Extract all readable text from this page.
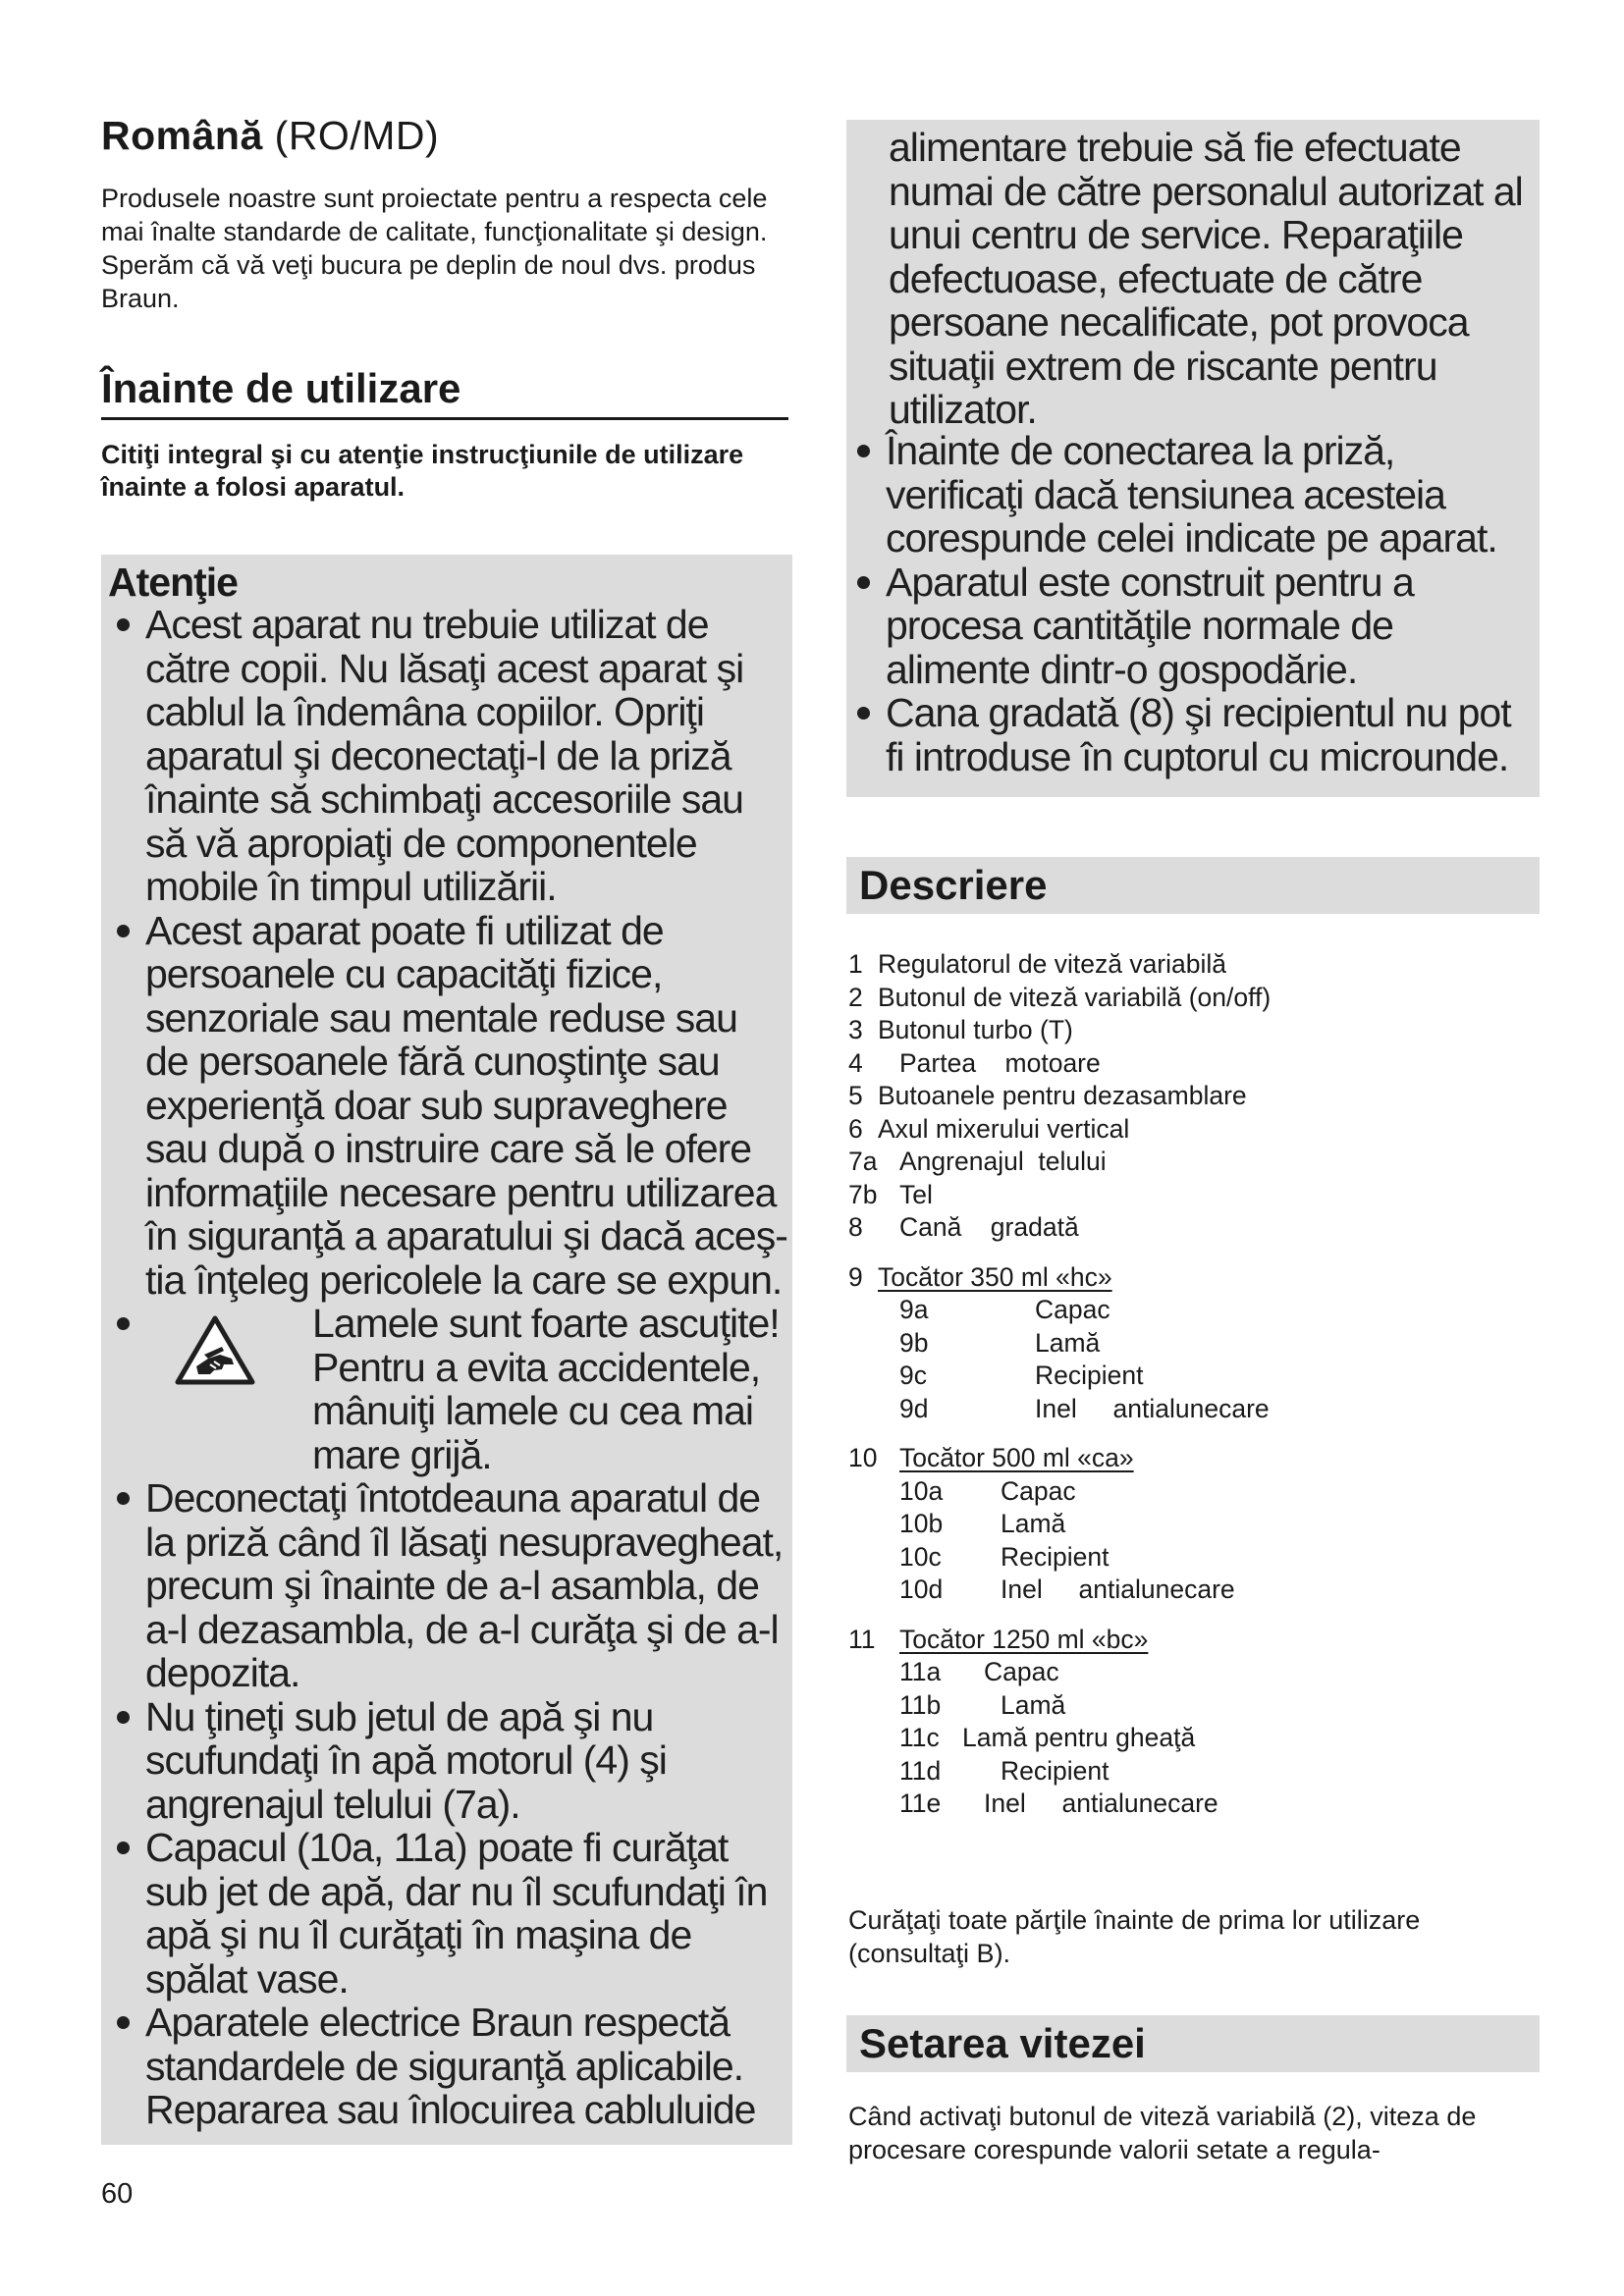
Română (RO/MD)
Produsele noastre sunt proiectate pentru a respecta cele mai înalte standarde de calitate, funcţionalitate şi design. Sperăm că vă veţi bucura pe deplin de noul dvs. produs Braun.
Înainte de utilizare
Citiţi integral şi cu atenţie instrucţiunile de utilizare înainte a folosi aparatul.
Atenţie
Acest aparat nu trebuie utilizat de către copii. Nu lăsaţi acest aparat şi cablul la îndemâna copiilor. Opriţi aparatul şi deconectaţi-l de la priză înainte să schimbaţi accesoriile sau să vă apropiaţi de componentele mobile în timpul utilizării.
Acest aparat poate fi utilizat de persoanele cu capacităţi fizice, senzoriale sau mentale reduse sau de persoanele fără cunoştinţe sau experienţă doar sub supraveghere sau după o instruire care să le ofere informaţiile necesare pentru utilizarea în siguranţă a aparatului şi dacă aceş-tia înţeleg pericolele la care se expun.
Lamele sunt foarte ascuţite! Pentru a evita accidentele, mânuiţi lamele cu cea mai mare grijă.
Deconectaţi întotdeauna aparatul de la priză când îl lăsaţi nesupravegheat, precum şi înainte de a-l asambla, de a-l dezasambla, de a-l curăţa şi de a-l depozita.
Nu ţineţi sub jetul de apă şi nu scufundaţi în apă motorul (4) şi angrenajul telului (7a).
Capacul (10a, 11a) poate fi curăţat sub jet de apă, dar nu îl scufundaţi în apă şi nu îl curăţaţi în maşina de spălat vase.
Aparatele electrice Braun respectă standardele de siguranţă aplicabile. Repararea sau înlocuirea cabluluide
60
alimentare trebuie să fie efectuate numai de către personalul autorizat al unui centru de service. Reparaţiile defectuoase, efectuate de către persoane necalificate, pot provoca situaţii extrem de riscante pentru utilizator.
Înainte de conectarea la priză, verificaţi dacă tensiunea acesteia corespunde celei indicate pe aparat.
Aparatul este construit pentru a procesa cantităţile normale de alimente dintr-o gospodărie.
Cana gradată (8) şi recipientul nu pot fi introduse în cuptorul cu microunde.
Descriere
1 Regulatorul de viteză variabilă
2 Butonul de viteză variabilă (on/off)
3 Butonul turbo (T)
4 Partea    motoare
5 Butoanele pentru dezasamblare
6 Axul mixerului vertical
7a Angrenajul  telului
7b Tel
8 Cană    gradată
9 Tocător 350 ml «hc»
9a	Capac
9b	Lamă
9c	Recipient
9d	Inel     antialunecare
10 Tocător 500 ml «ca»
10a Capac
10b Lamă
10c Recipient
10d Inel     antialunecare
11 Tocător 1250 ml «bc»
11a Capac
11b Lamă
11c Lamă pentru gheaţă
11d Recipient
11e Inel     antialunecare
Curăţaţi toate părţile înainte de prima lor utilizare (consultaţi B).
Setarea vitezei
Când activaţi butonul de viteză variabilă (2), viteza de procesare corespunde valorii setate a regula-
